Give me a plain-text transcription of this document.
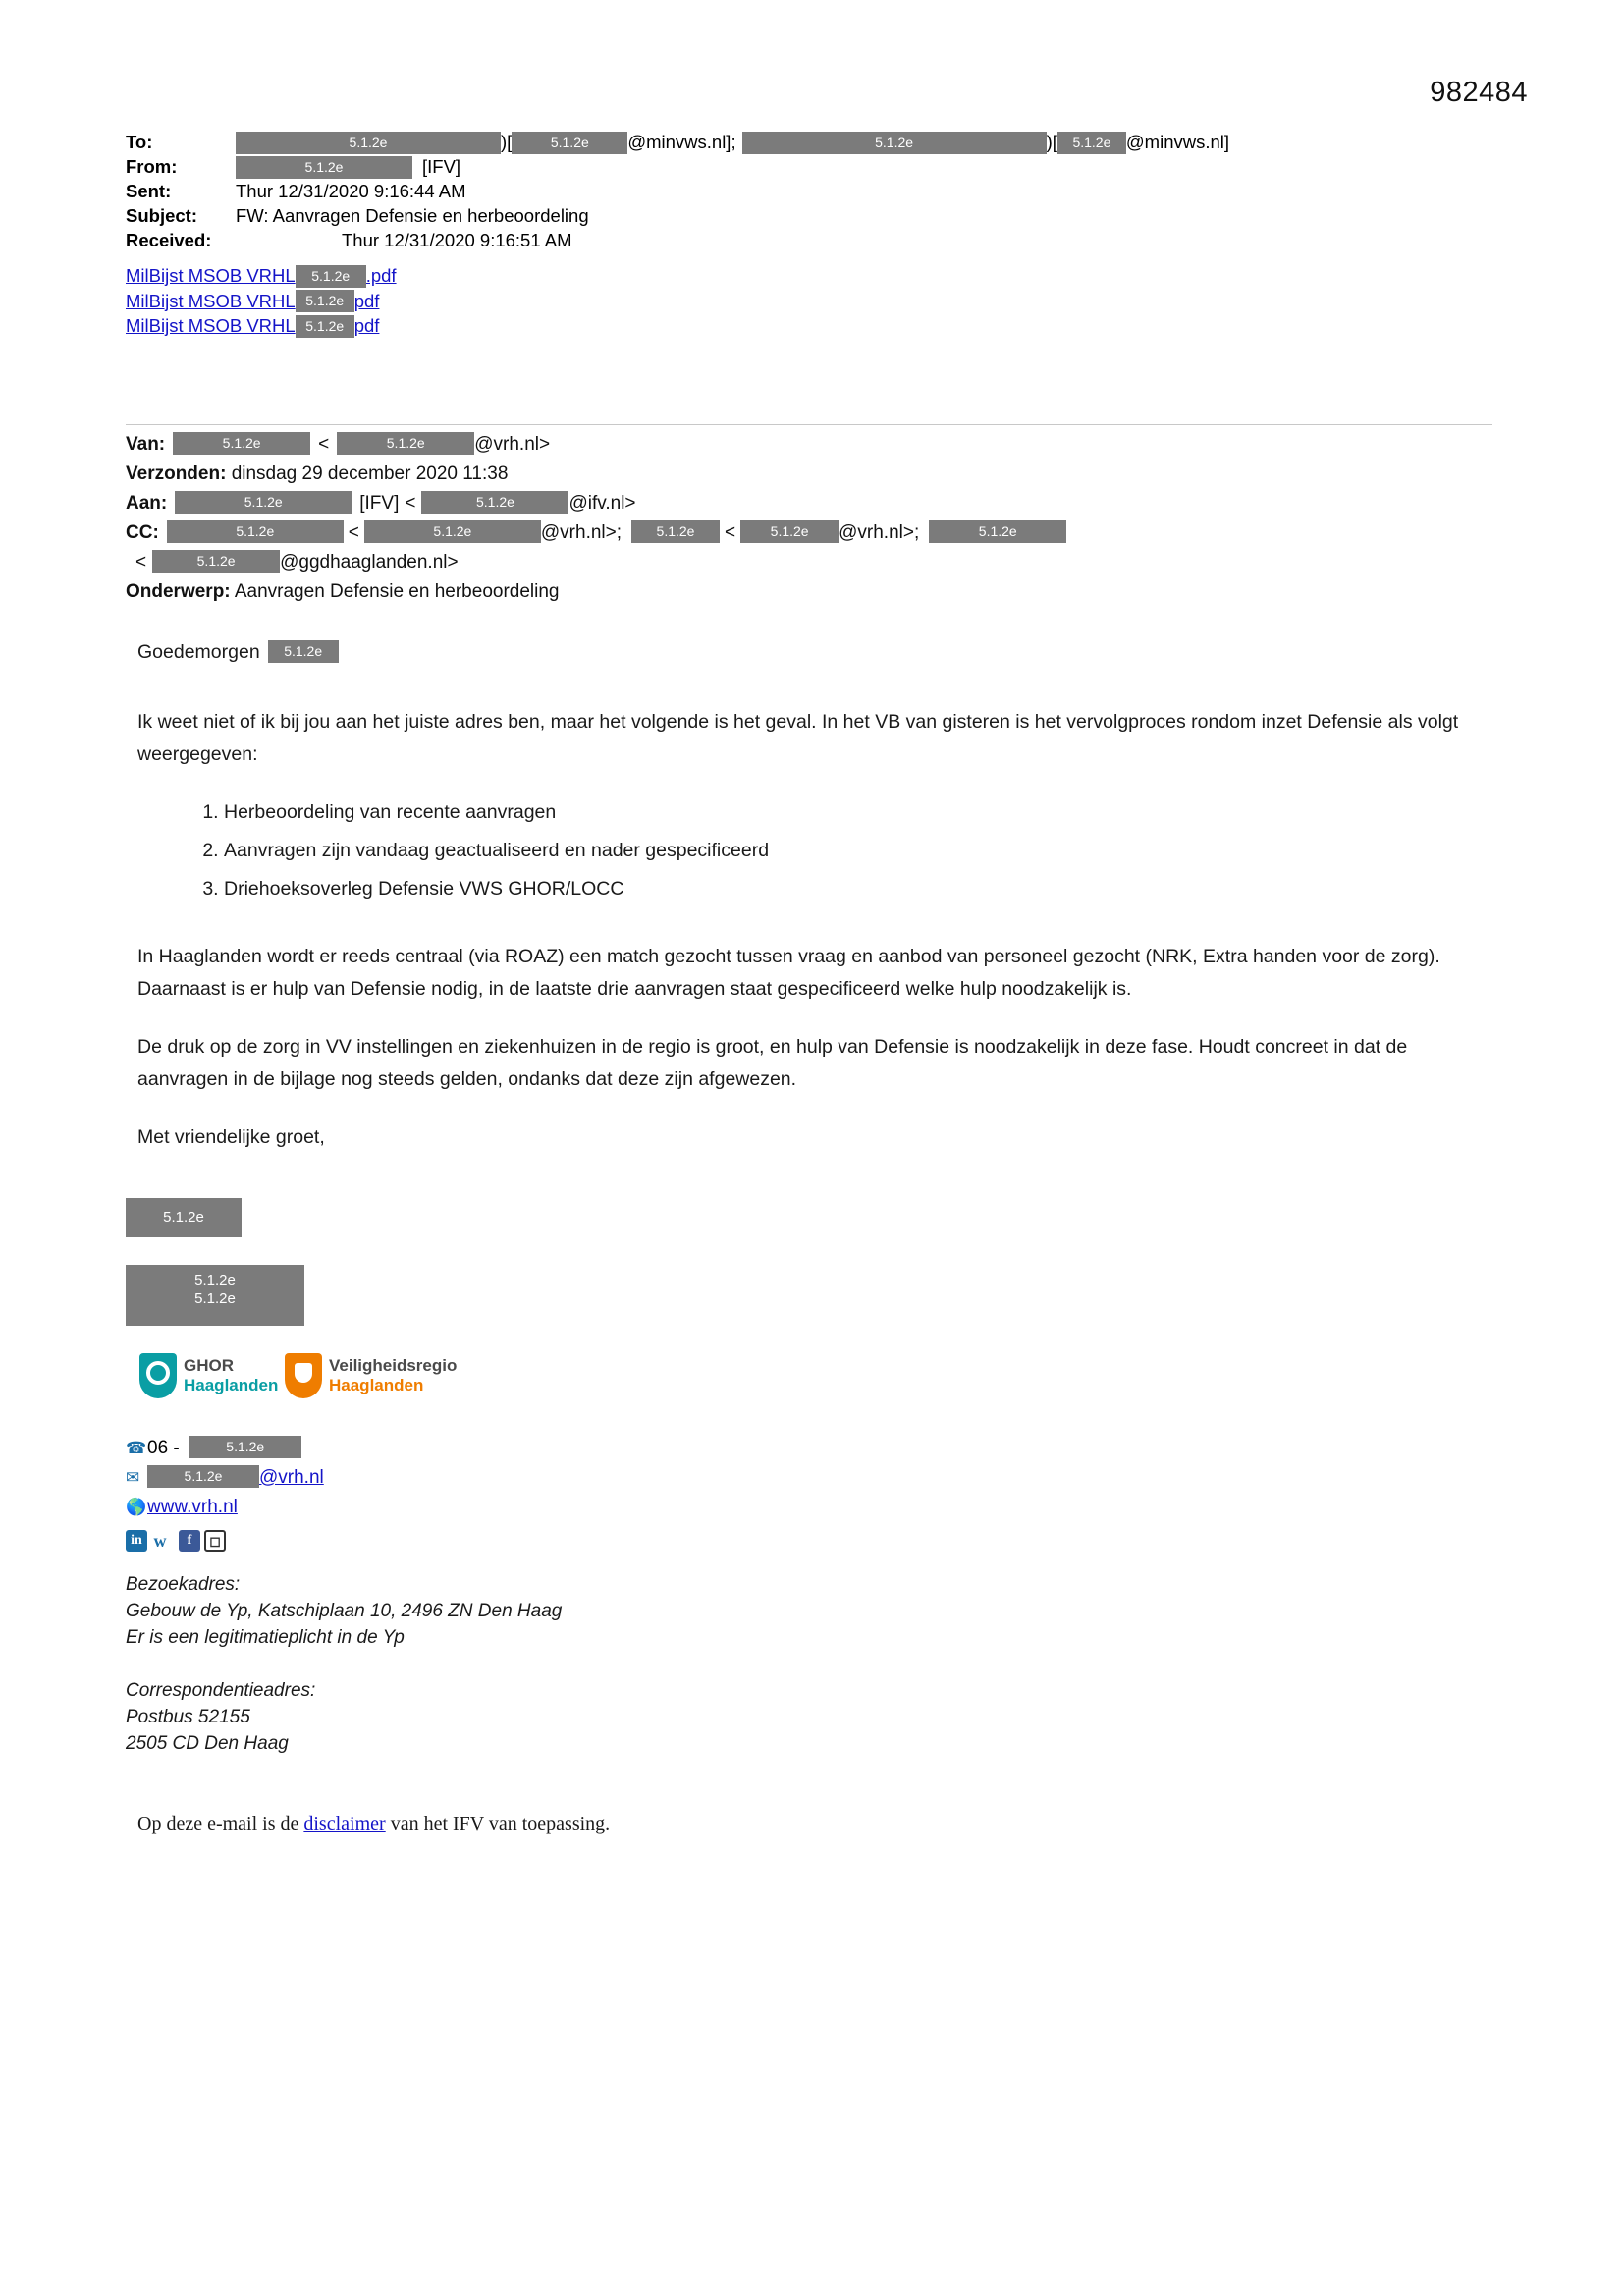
982484
To:	5.1.2e	)[	5.1.2e @minvws.nl];	5.1.2e	)[ 5.1.2e @minvws.nl]
From:	5.1.2e	[IFV]
Sent:	Thur 12/31/2020 9:16:44 AM
Subject: FW: Aanvragen Defensie en herbeoordeling
Received:	Thur 12/31/2020 9:16:51 AM
MilBijst MSOB VRHL 5.1.2e .pdf
MilBijst MSOB VRHL 5.1.2e pdf
MilBijst MSOB VRHL 5.1.2e pdf
Van:	5.1.2e	<	5.1.2e	@vrh.nl>
Verzonden: dinsdag 29 december 2020 11:38
Aan:	5.1.2e	[IFV] <	5.1.2e	@ifv.nl>
CC:	5.1.2e	<	5.1.2e	@vrh.nl>;	5.1.2e <	5.1.2e @vrh.nl>;	5.1.2e
<	5.1.2e @ggdhaaglanden.nl>
Onderwerp: Aanvragen Defensie en herbeoordeling

Goedemorgen 5.1.2e

Ik weet niet of ik bij jou aan het juiste adres ben, maar het volgende is het geval. In het VB van gisteren is het vervolgproces rondom inzet Defensie als volgt weergegeven:

1. Herbeoordeling van recente aanvragen
2. Aanvragen zijn vandaag geactualiseerd en nader gespecificeerd
3. Driehoeksoverleg Defensie VWS GHOR/LOCC

In Haaglanden wordt er reeds centraal (via ROAZ) een match gezocht tussen vraag en aanbod van personeel gezocht (NRK, Extra handen voor de zorg). Daarnaast is er hulp van Defensie nodig, in de laatste drie aanvragen staat gespecificeerd welke hulp noodzakelijk is.

De druk op de zorg in VV instellingen en ziekenhuizen in de regio is groot, en hulp van Defensie is noodzakelijk in deze fase. Houdt concreet in dat de aanvragen in de bijlage nog steeds gelden, ondanks dat deze zijn afgewezen.

Met vriendelijke groet,

5.1.2e
5.1.2e
5.1.2e
GHOR
Haaglanden
Veiligheidsregio
Haaglanden
☎06 -	5.1.2e
✉	5.1.2e @vrh.nl
🌎www.vrh.nl
in w f ◻
Bezoekadres:
Gebouw de Yp, Katschiplaan 10, 2496 ZN Den Haag
Er is een legitimatieplicht in de Yp
Correspondentieadres:
Postbus 52155
2505 CD Den Haag
Op deze e-mail is de disclaimer van het IFV van toepassing.
